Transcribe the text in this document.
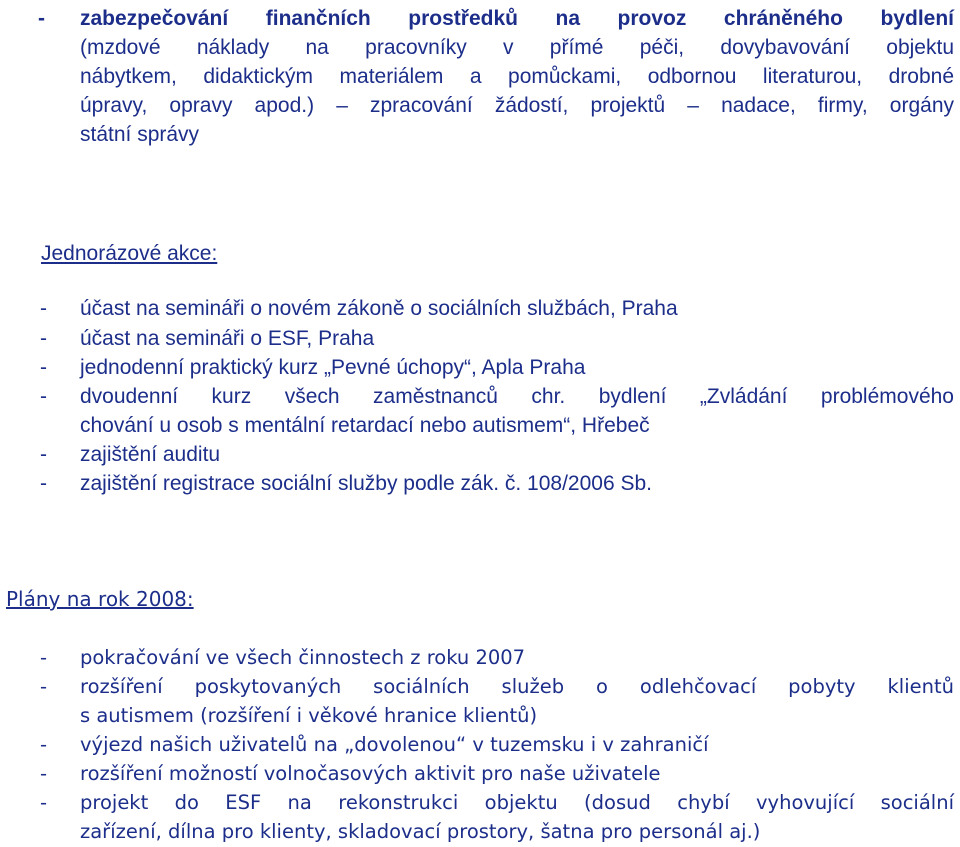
- zabezpečování finančních prostředků na provoz chráněného bydlení
(mzdové náklady na pracovníky v přímé péči, dovybavování objektu
nábytkem, didaktickým materiálem a pomůckami, odbornou literaturou, drobné
úpravy, opravy apod.) – zpracování žádostí, projektů – nadace, firmy, orgány
státní správy
Jednorázové akce:
- účast na semináři o novém zákoně o sociálních službách, Praha
- účast na semináři o ESF, Praha
- jednodenní praktický kurz „Pevné úchopy“, Apla Praha
- dvoudenní kurz všech zaměstnanců chr. bydlení „Zvládání problémového
chování u osob s mentální retardací nebo autismem“, Hřebeč
- zajištění auditu
- zajištění registrace sociální služby podle zák. č. 108/2006 Sb.
Plány na rok 2008:
- pokračování ve všech činnostech z roku 2007
- rozšíření poskytovaných sociálních služeb o odlehčovací pobyty klientů
s autismem (rozšíření i věkové hranice klientů)
- výjezd našich uživatelů na „dovolenou“ v tuzemsku i v zahraničí
- rozšíření možností volnočasových aktivit pro naše uživatele
- projekt do ESF na rekonstrukci objektu (dosud chybí vyhovující sociální
zařízení, dílna pro klienty, skladovací prostory, šatna pro personál aj.)
